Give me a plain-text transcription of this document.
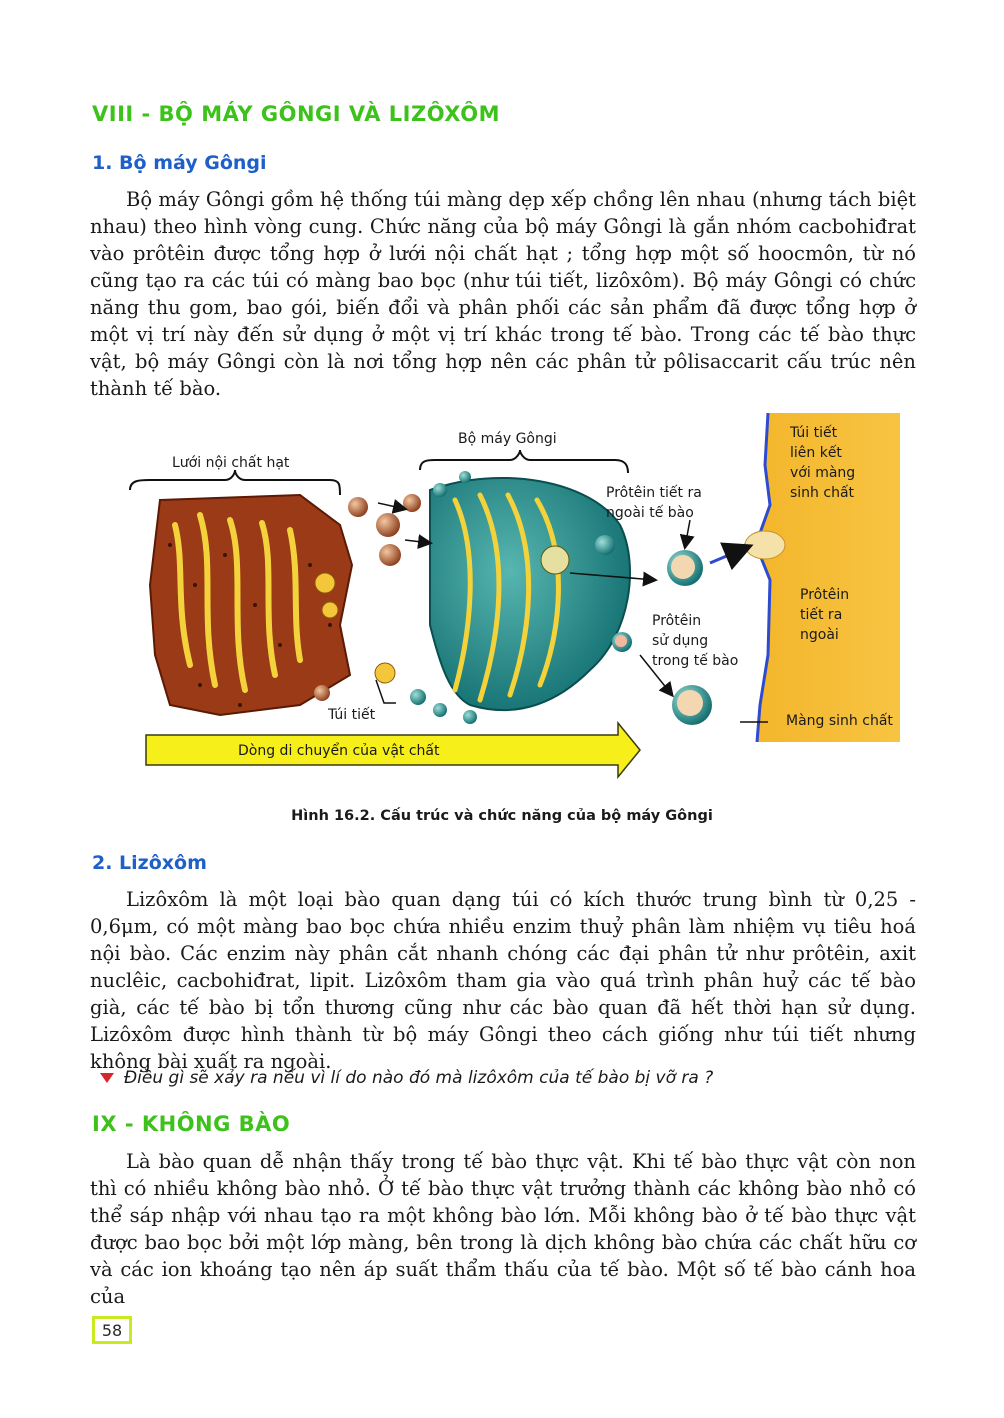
VIII - BỘ MÁY GÔNGI VÀ LIZÔXÔM
1. Bộ máy Gôngi

Bộ máy Gôngi gồm hệ thống túi màng dẹp xếp chồng lên nhau (nhưng tách biệt nhau) theo hình vòng cung. Chức năng của bộ máy Gôngi là gắn nhóm cacbohiđrat vào prôtêin được tổng hợp ở lưới nội chất hạt ; tổng hợp một số hoocmôn, từ nó cũng tạo ra các túi có màng bao bọc (như túi tiết, lizôxôm). Bộ máy Gôngi có chức năng thu gom, bao gói, biến đổi và phân phối các sản phẩm đã được tổng hợp ở một vị trí này đến sử dụng ở một vị trí khác trong tế bào. Trong các tế bào thực vật, bộ máy Gôngi còn là nơi tổng hợp nên các phân tử pôlisaccarit cấu trúc nên thành tế bào.

Lưới nội chất hạt
Bộ máy Gôngi
Túi tiết
Dòng di chuyển của vật chất
Prôtêin tiết ra
ngoài tế bào
Prôtêin
sử dụng
trong tế bào
Túi tiết
liên kết
với màng
sinh chất
Prôtêin
tiết ra
ngoài
Màng sinh chất
Hình 16.2. Cấu trúc và chức năng của bộ máy Gôngi
2. Lizôxôm

Lizôxôm là một loại bào quan dạng túi có kích thước trung bình từ 0,25 - 0,6μm, có một màng bao bọc chứa nhiều enzim thuỷ phân làm nhiệm vụ tiêu hoá nội bào. Các enzim này phân cắt nhanh chóng các đại phân tử như prôtêin, axit nuclêic, cacbohiđrat, lipit. Lizôxôm tham gia vào quá trình phân huỷ các tế bào già, các tế bào bị tổn thương cũng như các bào quan đã hết thời hạn sử dụng. Lizôxôm được hình thành từ bộ máy Gôngi theo cách giống như túi tiết nhưng không bài xuất ra ngoài.

Điều gì sẽ xảy ra nếu vì lí do nào đó mà lizôxôm của tế bào bị vỡ ra ?
IX - KHÔNG BÀO

Là bào quan dễ nhận thấy trong tế bào thực vật. Khi tế bào thực vật còn non thì có nhiều không bào nhỏ. Ở tế bào thực vật trưởng thành các không bào nhỏ có thể sáp nhập với nhau tạo ra một không bào lớn. Mỗi không bào ở tế bào thực vật được bao bọc bởi một lớp màng, bên trong là dịch không bào chứa các chất hữu cơ và các ion khoáng tạo nên áp suất thẩm thấu của tế bào. Một số tế bào cánh hoa của

58
